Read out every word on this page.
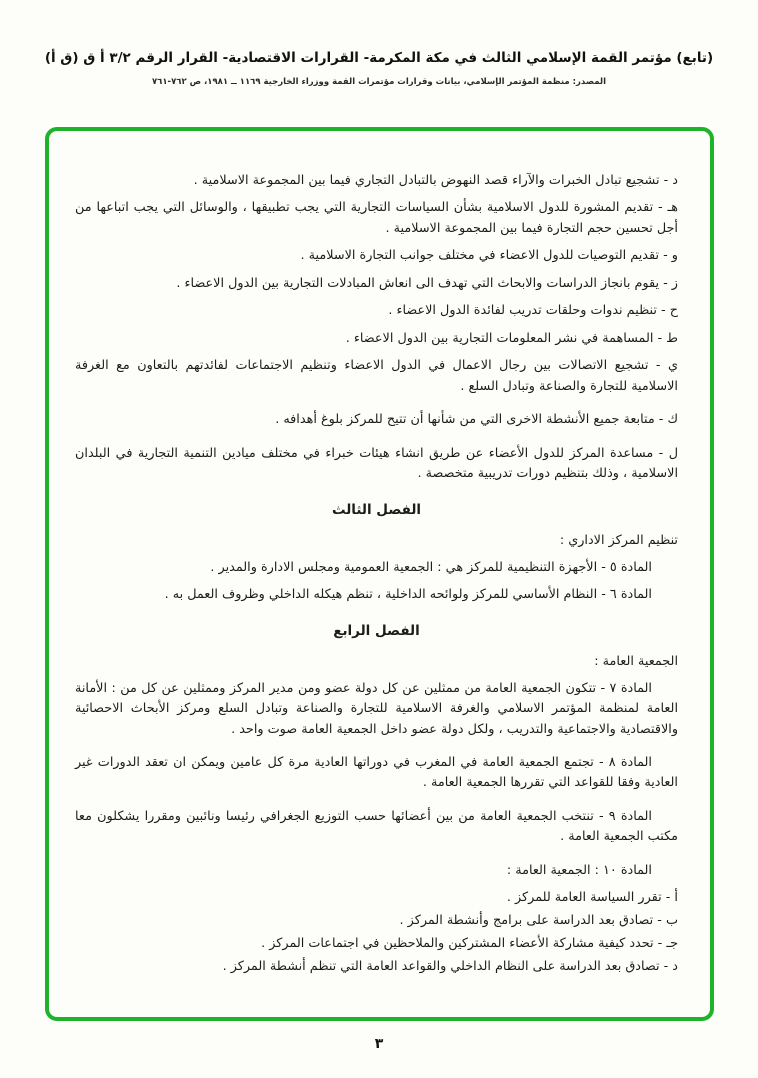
(تابع) مؤتمر القمة الإسلامي الثالث في مكة المكرمة- القرارات الاقتصادية- القرار الرقم ٣/٢ أ ق (ق أ)
المصدر: منظمة المؤتمر الإسلامي، بيانات وقرارات مؤتمرات القمة ووزراء الخارجية ١١٦٩ ــ ١٩٨١، ص ٧٦٢-٧٦١

د - تشجيع تبادل الخبرات والآراء قصد النهوض بالتبادل التجاري فيما بين المجموعة الاسلامية .

هـ - تقديم المشورة للدول الاسلامية بشأن السياسات التجارية التي يجب تطبيقها ، والوسائل التي يجب اتباعها من أجل تحسين حجم التجارة فيما بين المجموعة الاسلامية .

و - تقديم التوصيات للدول الاعضاء في مختلف جوانب التجارة الاسلامية .

ز - يقوم بانجاز الدراسات والابحاث التي تهدف الى انعاش المبادلات التجارية بين الدول الاعضاء .

ح - تنظيم ندوات وحلقات تدريب لفائدة الدول الاعضاء .

ط - المساهمة في نشر المعلومات التجارية بين الدول الاعضاء .

ي - تشجيع الاتصالات بين رجال الاعمال في الدول الاعضاء وتنظيم الاجتماعات لفائدتهم بالتعاون مع الغرفة الاسلامية للتجارة والصناعة وتبادل السلع .

ك - متابعة جميع الأنشطة الاخرى التي من شأنها أن تتيح للمركز بلوغ أهدافه .

ل - مساعدة المركز للدول الأعضاء عن طريق انشاء هيئات خبراء في مختلف ميادين التنمية التجارية في البلدان الاسلامية ، وذلك بتنظيم دورات تدريبية متخصصة .

الفصل الثالث

تنظيم المركز الاداري :

المادة ٥ - الأجهزة التنظيمية للمركز هي : الجمعية العمومية ومجلس الادارة والمدير .

المادة ٦ - النظام الأساسي للمركز ولوائحه الداخلية ، تنظم هيكله الداخلي وظروف العمل به .

الفصل الرابع

الجمعية العامة :

المادة ٧ - تتكون الجمعية العامة من ممثلين عن كل دولة عضو ومن مدير المركز وممثلين عن كل من : الأمانة العامة لمنظمة المؤتمر الاسلامي والغرفة الاسلامية للتجارة والصناعة وتبادل السلع ومركز الأبحاث الاحصائية والاقتصادية والاجتماعية والتدريب ، ولكل دولة عضو داخل الجمعية العامة صوت واحد .

المادة ٨ - تجتمع الجمعية العامة في المغرب في دوراتها العادية مرة كل عامين ويمكن ان تعقد الدورات غير العادية وفقا للقواعد التي تقررها الجمعية العامة .

المادة ٩ - تنتخب الجمعية العامة من بين أعضائها حسب التوزيع الجغرافي رئيسا ونائبين ومقررا يشكلون معا مكتب الجمعية العامة .

المادة ١٠ : الجمعية العامة :

أ - تقرر السياسة العامة للمركز .

ب - تصادق بعد الدراسة على برامج وأنشطة المركز .

جـ - تحدد كيفية مشاركة الأعضاء المشتركين والملاحظين في اجتماعات المركز .

د - تصادق بعد الدراسة على النظام الداخلي والقواعد العامة التي تنظم أنشطة المركز .

٣
